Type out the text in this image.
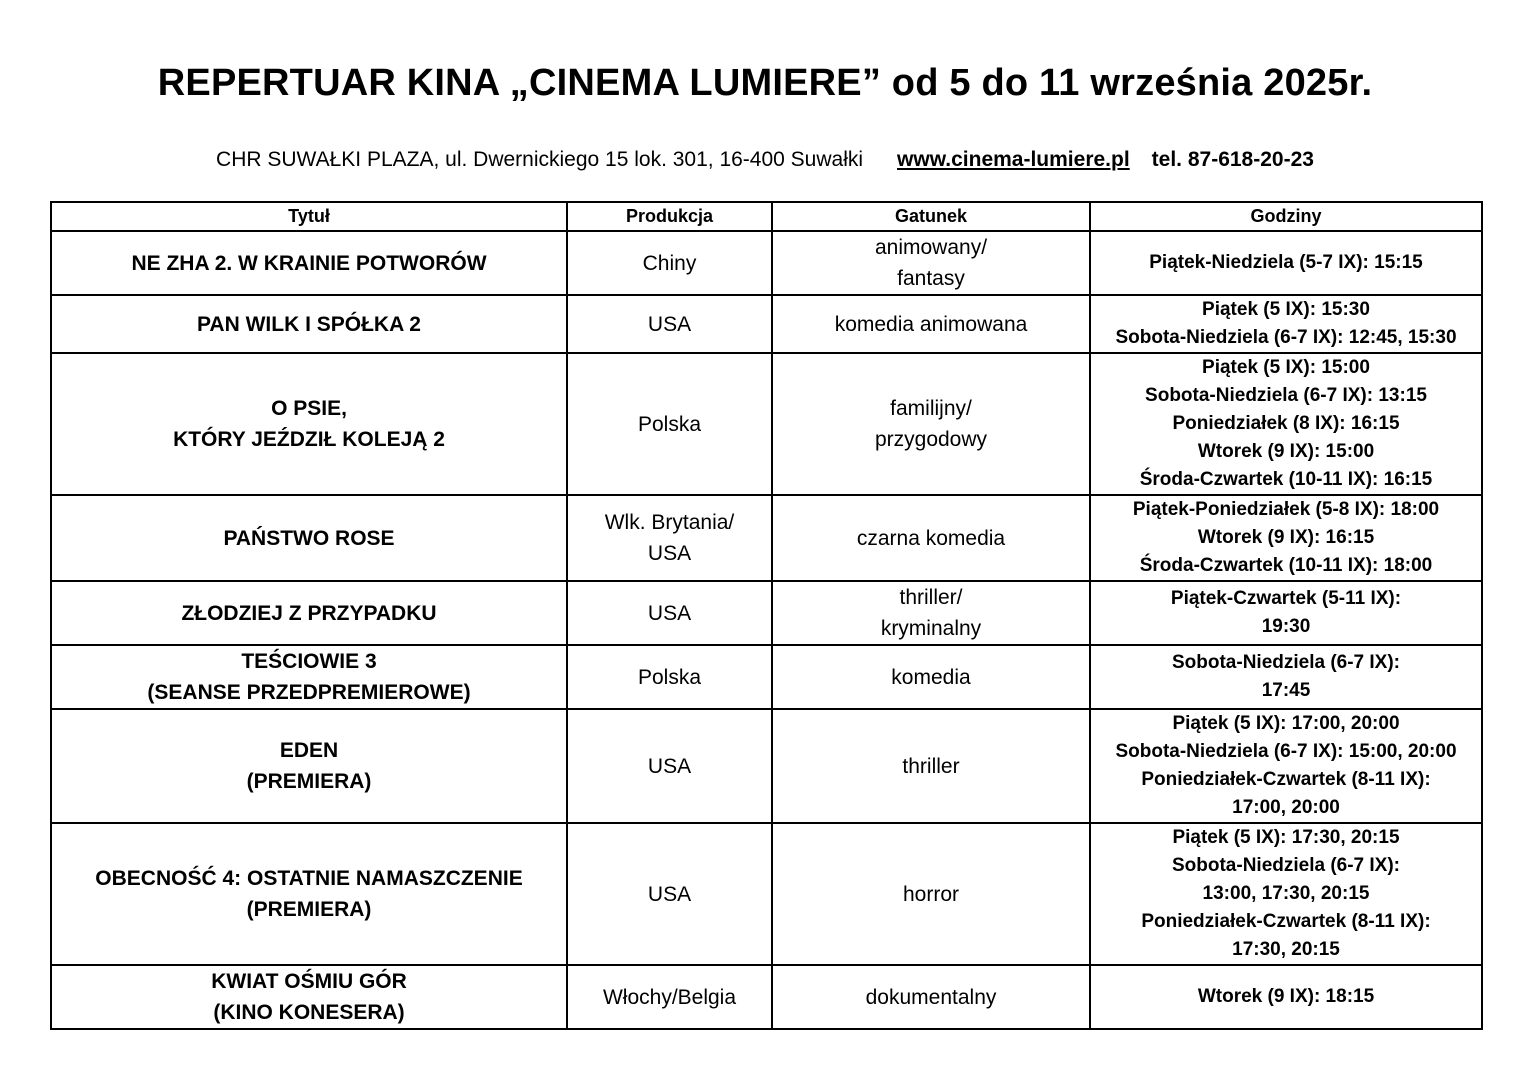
REPERTUAR KINA „CINEMA LUMIERE” od 5 do 11 września 2025r.
CHR SUWAŁKI PLAZA, ul. Dwernickiego 15 lok. 301, 16-400 Suwałki www.cinema-lumiere.pl tel. 87-618-20-23
Tytuł	Produkcja	Gatunek	Godziny

NE ZHA 2. W KRAINIE POTWORÓW	Chiny	animowany/
fantasy	Piątek-Niedziela (5-7 IX): 15:15

PAN WILK I SPÓŁKA 2	USA	komedia animowana	Piątek (5 IX): 15:30
Sobota-Niedziela (6-7 IX): 12:45, 15:30

O PSIE,
KTÓRY JEŹDZIŁ KOLEJĄ 2	Polska	familijny/
przygodowy	Piątek (5 IX): 15:00
Sobota-Niedziela (6-7 IX): 13:15
Poniedziałek (8 IX): 16:15
Wtorek (9 IX): 15:00
Środa-Czwartek (10-11 IX): 16:15

PAŃSTWO ROSE	Wlk. Brytania/
USA	czarna komedia	Piątek-Poniedziałek (5-8 IX): 18:00
Wtorek (9 IX): 16:15
Środa-Czwartek (10-11 IX): 18:00

ZŁODZIEJ Z PRZYPADKU	USA	thriller/
kryminalny	Piątek-Czwartek (5-11 IX):
19:30

TEŚCIOWIE 3
(SEANSE PRZEDPREMIEROWE)	Polska	komedia	Sobota-Niedziela (6-7 IX):
17:45

EDEN
(PREMIERA)	USA	thriller	Piątek (5 IX): 17:00, 20:00
Sobota-Niedziela (6-7 IX): 15:00, 20:00
Poniedziałek-Czwartek (8-11 IX):
17:00, 20:00

OBECNOŚĆ 4: OSTATNIE NAMASZCZENIE
(PREMIERA)	USA	horror	Piątek (5 IX): 17:30, 20:15
Sobota-Niedziela (6-7 IX):
13:00, 17:30, 20:15
Poniedziałek-Czwartek (8-11 IX):
17:30, 20:15

KWIAT OŚMIU GÓR
(KINO KONESERA)	Włochy/Belgia	dokumentalny	Wtorek (9 IX): 18:15
